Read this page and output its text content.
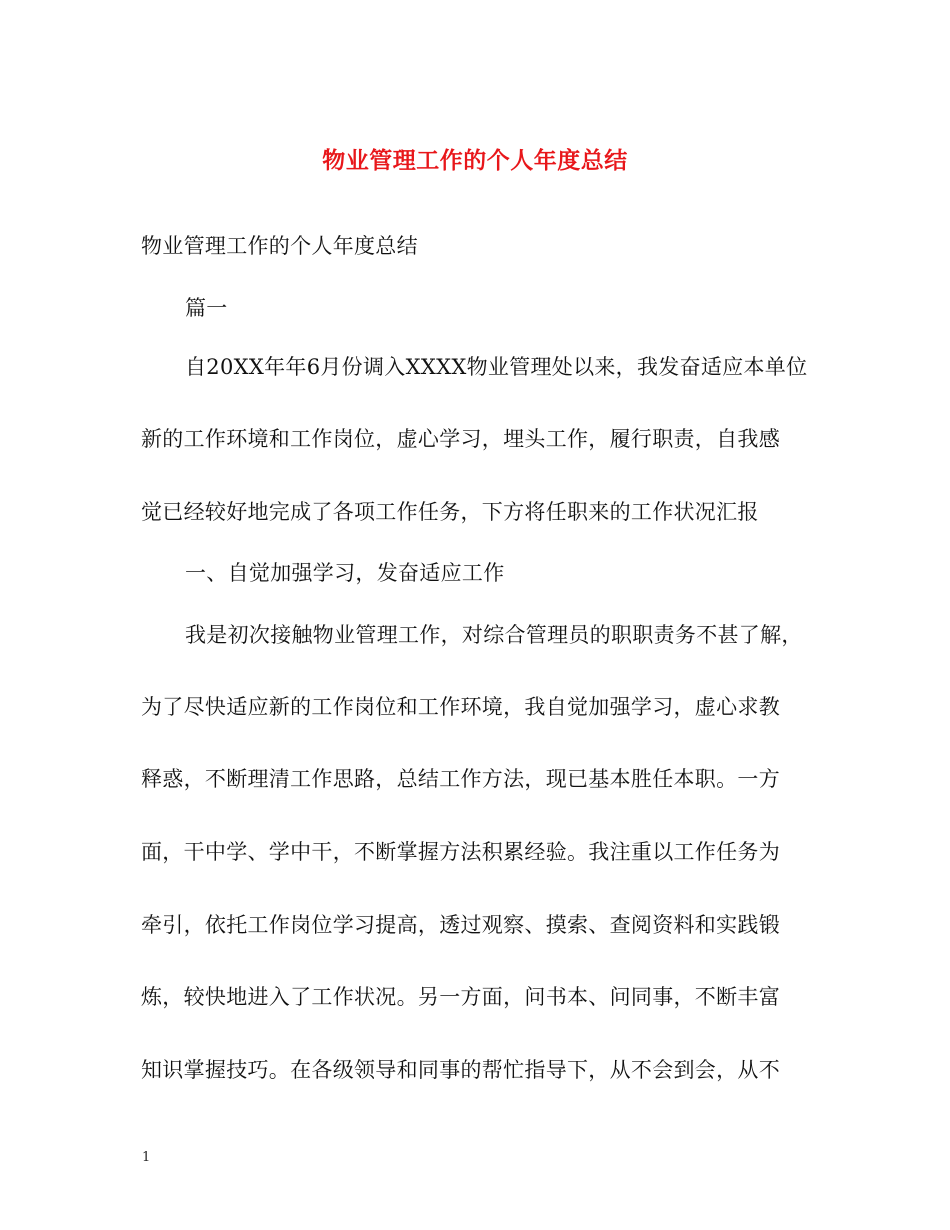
物业管理工作的个人年度总结
物业管理工作的个人年度总结
篇一
自20XX年年6月份调入XXXX物业管理处以来，我发奋适应本单位
新的工作环境和工作岗位，虚心学习，埋头工作，履行职责，自我感
觉已经较好地完成了各项工作任务，下方将任职来的工作状况汇报
一、自觉加强学习，发奋适应工作
我是初次接触物业管理工作，对综合管理员的职职责务不甚了解，
为了尽快适应新的工作岗位和工作环境，我自觉加强学习，虚心求教
释惑，不断理清工作思路，总结工作方法，现已基本胜任本职。一方
面，干中学、学中干，不断掌握方法积累经验。我注重以工作任务为
牵引，依托工作岗位学习提高，透过观察、摸索、查阅资料和实践锻
炼，较快地进入了工作状况。另一方面，问书本、问同事，不断丰富
知识掌握技巧。在各级领导和同事的帮忙指导下，从不会到会，从不
1
